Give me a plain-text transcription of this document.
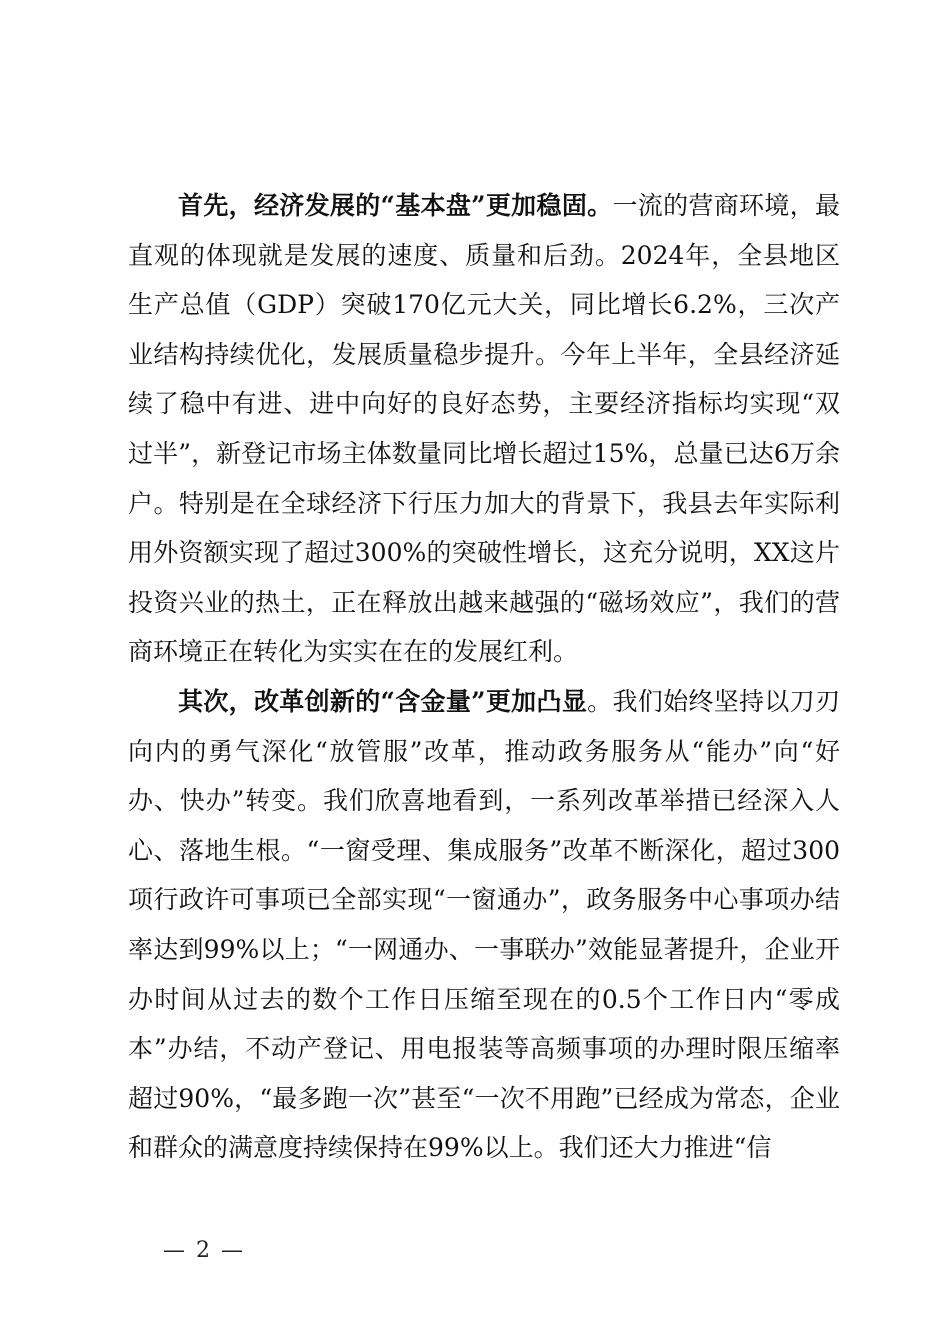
首先，经济发展的“基本盘”更加稳固。一流的营商环境，最直观的体现就是发展的速度、质量和后劲。2024年，全县地区生产总值（GDP）突破170亿元大关，同比增长6.2%，三次产业结构持续优化，发展质量稳步提升。今年上半年，全县经济延续了稳中有进、进中向好的良好态势，主要经济指标均实现“双过半”，新登记市场主体数量同比增长超过15%，总量已达6万余户。特别是在全球经济下行压力加大的背景下，我县去年实际利用外资额实现了超过300%的突破性增长，这充分说明，XX这片投资兴业的热土，正在释放出越来越强的“磁场效应”，我们的营商环境正在转化为实实在在的发展红利。

其次，改革创新的“含金量”更加凸显。我们始终坚持以刀刃向内的勇气深化“放管服”改革，推动政务服务从“能办”向“好办、快办”转变。我们欣喜地看到，一系列改革举措已经深入人心、落地生根。“一窗受理、集成服务”改革不断深化，超过300项行政许可事项已全部实现“一窗通办”，政务服务中心事项办结率达到99%以上；“一网通办、一事联办”效能显著提升，企业开办时间从过去的数个工作日压缩至现在的0.5个工作日内“零成本”办结，不动产登记、用电报装等高频事项的办理时限压缩率超过90%，“最多跑一次”甚至“一次不用跑”已经成为常态，企业和群众的满意度持续保持在99%以上。我们还大力推进“信

— 2 —
